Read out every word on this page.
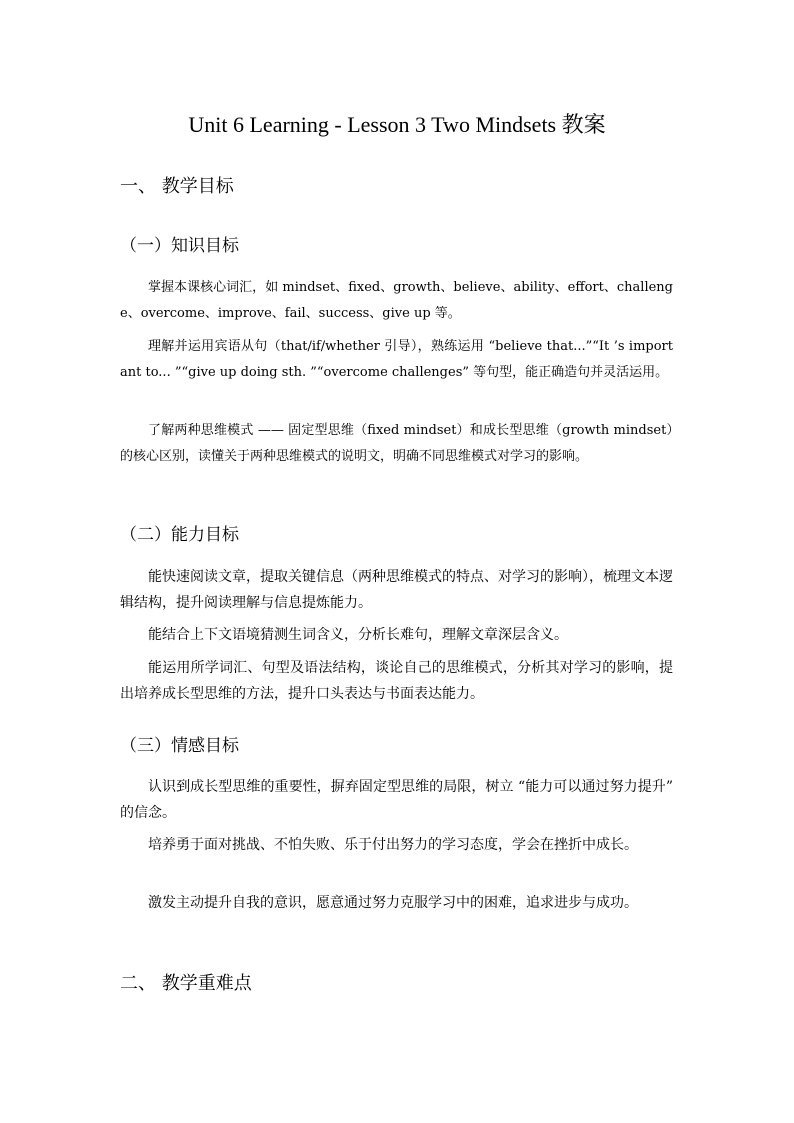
Unit 6 Learning - Lesson 3 Two Mindsets 教案
一、 教学目标
（一）知识目标
掌握本课核心词汇，如 mindset、fixed、growth、believe、ability、effort、challenge、overcome、improve、fail、success、give up 等。
理解并运用宾语从句（that/if/whether 引导），熟练运用 “believe that...”“It ’s important to... ”“give up doing sth. ”“overcome challenges” 等句型，能正确造句并灵活运用。
了解两种思维模式 —— 固定型思维（fixed mindset）和成长型思维（growth mindset）的核心区别，读懂关于两种思维模式的说明文，明确不同思维模式对学习的影响。
（二）能力目标
能快速阅读文章，提取关键信息（两种思维模式的特点、对学习的影响），梳理文本逻辑结构，提升阅读理解与信息提炼能力。
能结合上下文语境猜测生词含义，分析长难句，理解文章深层含义。
能运用所学词汇、句型及语法结构，谈论自己的思维模式，分析其对学习的影响，提出培养成长型思维的方法，提升口头表达与书面表达能力。
（三）情感目标
认识到成长型思维的重要性，摒弃固定型思维的局限，树立 “能力可以通过努力提升” 的信念。
培养勇于面对挑战、不怕失败、乐于付出努力的学习态度，学会在挫折中成长。
激发主动提升自我的意识，愿意通过努力克服学习中的困难，追求进步与成功。
二、 教学重难点
